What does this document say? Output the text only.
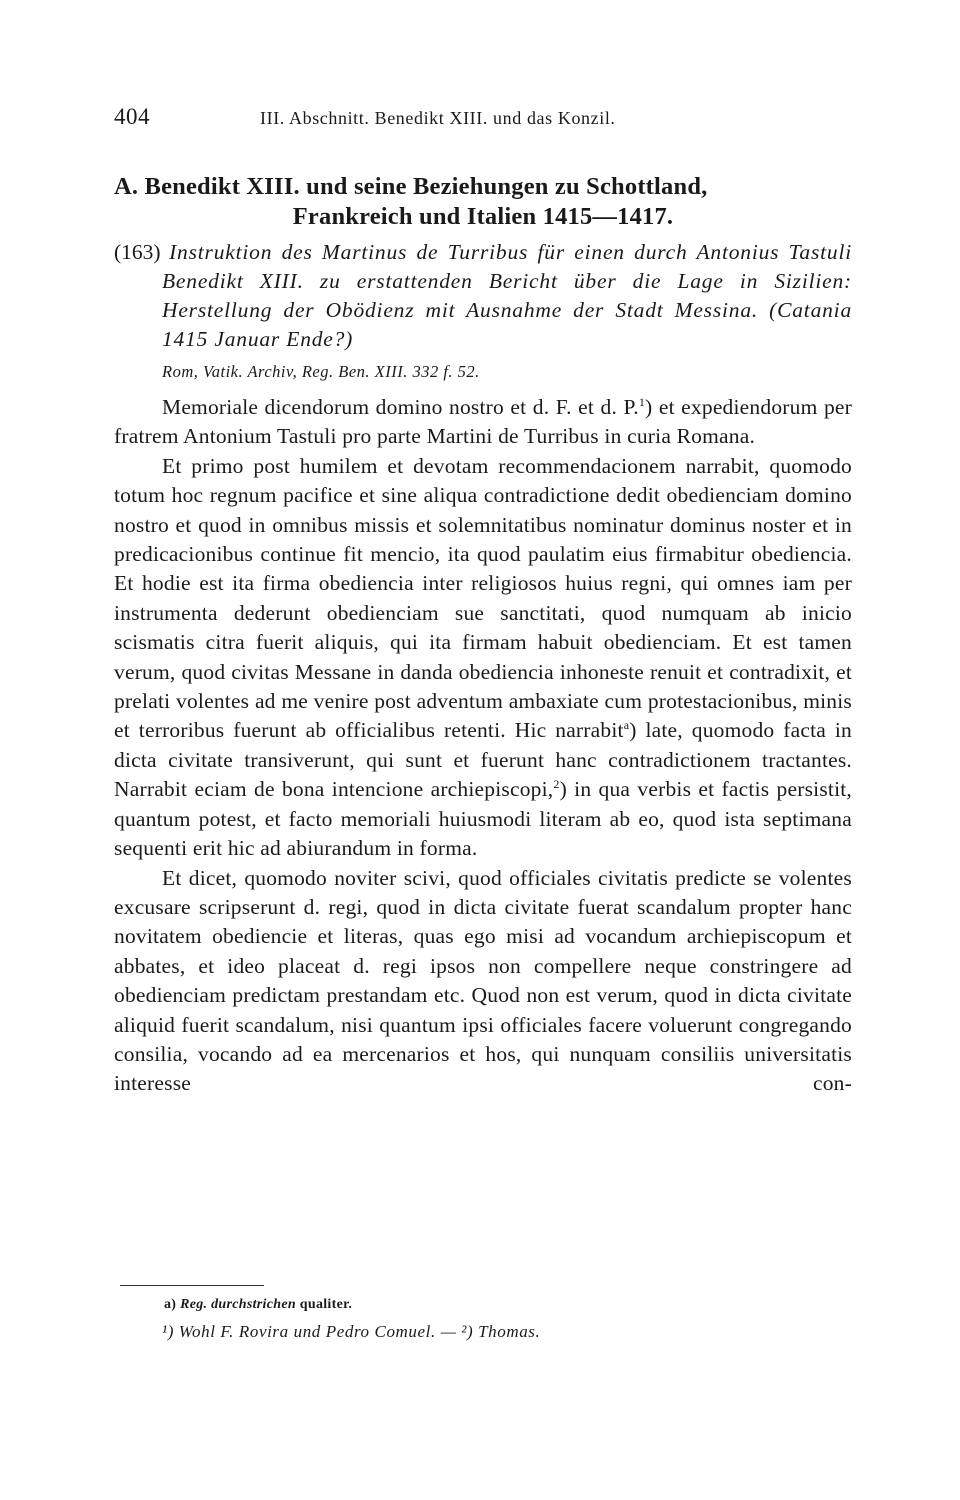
404	III. Abschnitt. Benedikt XIII. und das Konzil.
A. Benedikt XIII. und seine Beziehungen zu Schottland,
Frankreich und Italien 1415—1417.
(163) Instruktion des Martinus de Turribus für einen durch Antonius Tastuli Benedikt XIII. zu erstattenden Bericht über die Lage in Sizilien: Herstellung der Obödienz mit Ausnahme der Stadt Messina. (Catania 1415 Januar Ende?)
Rom, Vatik. Archiv, Reg. Ben. XIII. 332 f. 52.

Memoriale dicendorum domino nostro et d. F. et d. P.$^1$) et expediendorum per fratrem Antonium Tastuli pro parte Martini de Turribus in curia Romana.

Et primo post humilem et devotam recommendacionem narrabit, quomodo totum hoc regnum pacifice et sine aliqua contradictione dedit obedienciam domino nostro et quod in omnibus missis et solemnitatibus nominatur dominus noster et in predicacionibus continue fit mencio, ita quod paulatim eius firmabitur obediencia. Et hodie est ita firma obediencia inter religiosos huius regni, qui omnes iam per instrumenta dederunt obedienciam sue sanctitati, quod numquam ab inicio scismatis citra fuerit aliquis, qui ita firmam habuit obedienciam. Et est tamen verum, quod civitas Messane in danda obediencia inhoneste renuit et contradixit, et prelati volentes ad me venire post adventum ambaxiate cum protestacionibus, minis et terroribus fuerunt ab officialibus retenti. Hic narrabit$^a$) late, quomodo facta in dicta civitate transiverunt, qui sunt et fuerunt hanc contradictionem tractantes. Narrabit eciam de bona intencione archiepiscopi,$^2$) in qua verbis et factis persistit, quantum potest, et facto memoriali huiusmodi literam ab eo, quod ista septimana sequenti erit hic ad abiurandum in forma.

Et dicet, quomodo noviter scivi, quod officiales civitatis predicte se volentes excusare scripserunt d. regi, quod in dicta civitate fuerat scandalum propter hanc novitatem obediencie et literas, quas ego misi ad vocandum archiepiscopum et abbates, et ideo placeat d. regi ipsos non compellere neque constringere ad obedienciam predictam prestandam etc. Quod non est verum, quod in dicta civitate aliquid fuerit scandalum, nisi quantum ipsi officiales facere voluerunt congregando consilia, vocando ad ea mercenarios et hos, qui nunquam consiliis universitatis interesse con-

a) Reg. durchstrichen qualiter.
¹) Wohl F. Rovira und Pedro Comuel. — ²) Thomas.
